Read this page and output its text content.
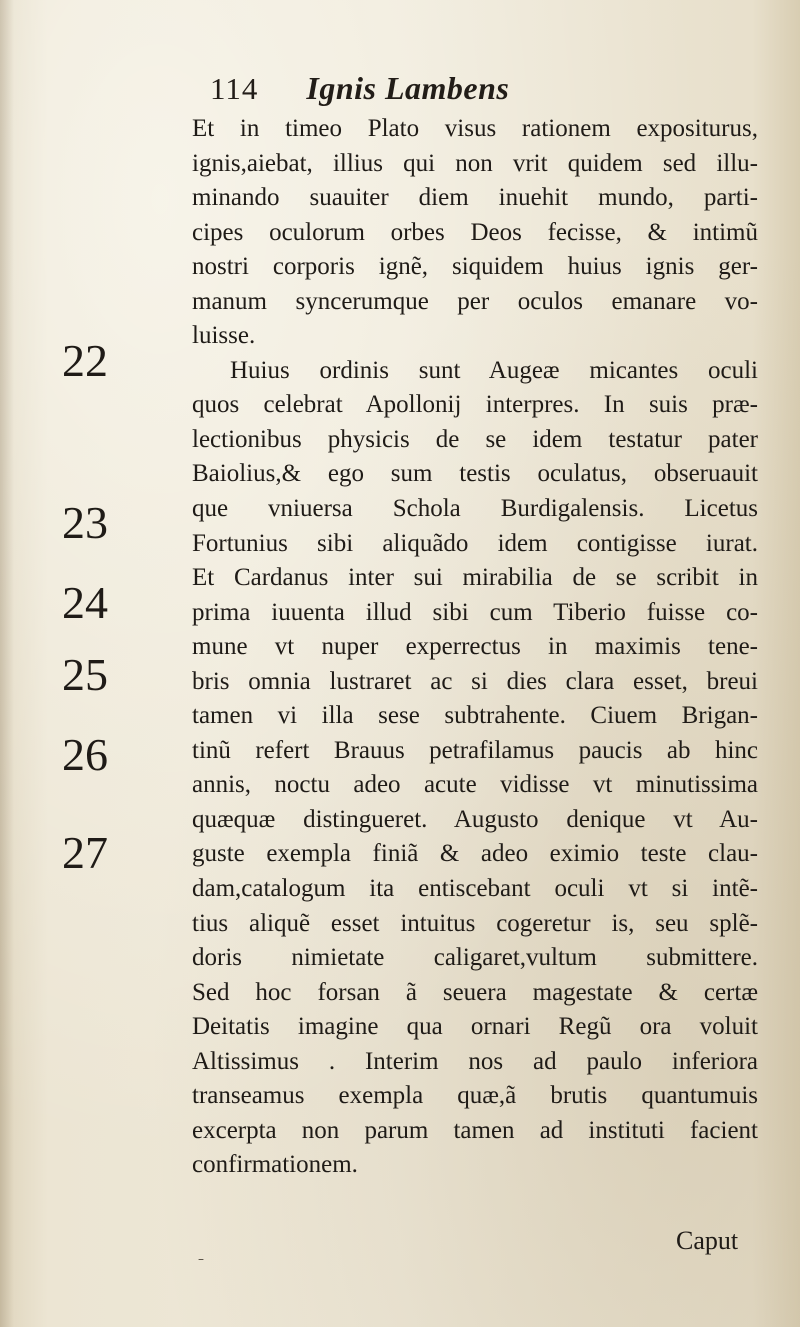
114 Ignis Lambens
22
23
24
25
26
27
Et in timeo Plato visus rationem expositurus,
ignis,aiebat, illius qui non vrit quidem sed illu-
minando suauiter diem inuehit mundo, parti-
cipes oculorum orbes Deos fecisse, & intimũ
nostri corporis ignẽ, siquidem huius ignis ger-
manum syncerumque per oculos emanare vo-
luisse.
Huius ordinis sunt Augeæ micantes oculi
quos celebrat Apollonij interpres. In suis præ-
lectionibus physicis de se idem testatur pater
Baiolius,& ego sum testis oculatus, obseruauit
que vniuersa Schola Burdigalensis. Licetus
Fortunius sibi aliquãdo idem contigisse iurat.
Et Cardanus inter sui mirabilia de se scribit in
prima iuuenta illud sibi cum Tiberio fuisse co-
mune vt nuper experrectus in maximis tene-
bris omnia lustraret ac si dies clara esset, breui
tamen vi illa sese subtrahente. Ciuem Brigan-
tinũ refert Brauus petrafilamus paucis ab hinc
annis, noctu adeo acute vidisse vt minutissima
quæquæ distingueret. Augusto denique vt Au-
guste exempla finiã & adeo eximio teste clau-
dam,catalogum ita entiscebant oculi vt si intẽ-
tius aliquẽ esset intuitus cogeretur is, seu splẽ-
doris nimietate caligaret,vultum submittere.
Sed hoc forsan ã seuera magestate & certæ
Deitatis imagine qua ornari Regũ ora voluit
Altissimus . Interim nos ad paulo inferiora
transeamus exempla quæ,ã brutis quantumuis
excerpta non parum tamen ad instituti facient
confirmationem.
Caput
–
